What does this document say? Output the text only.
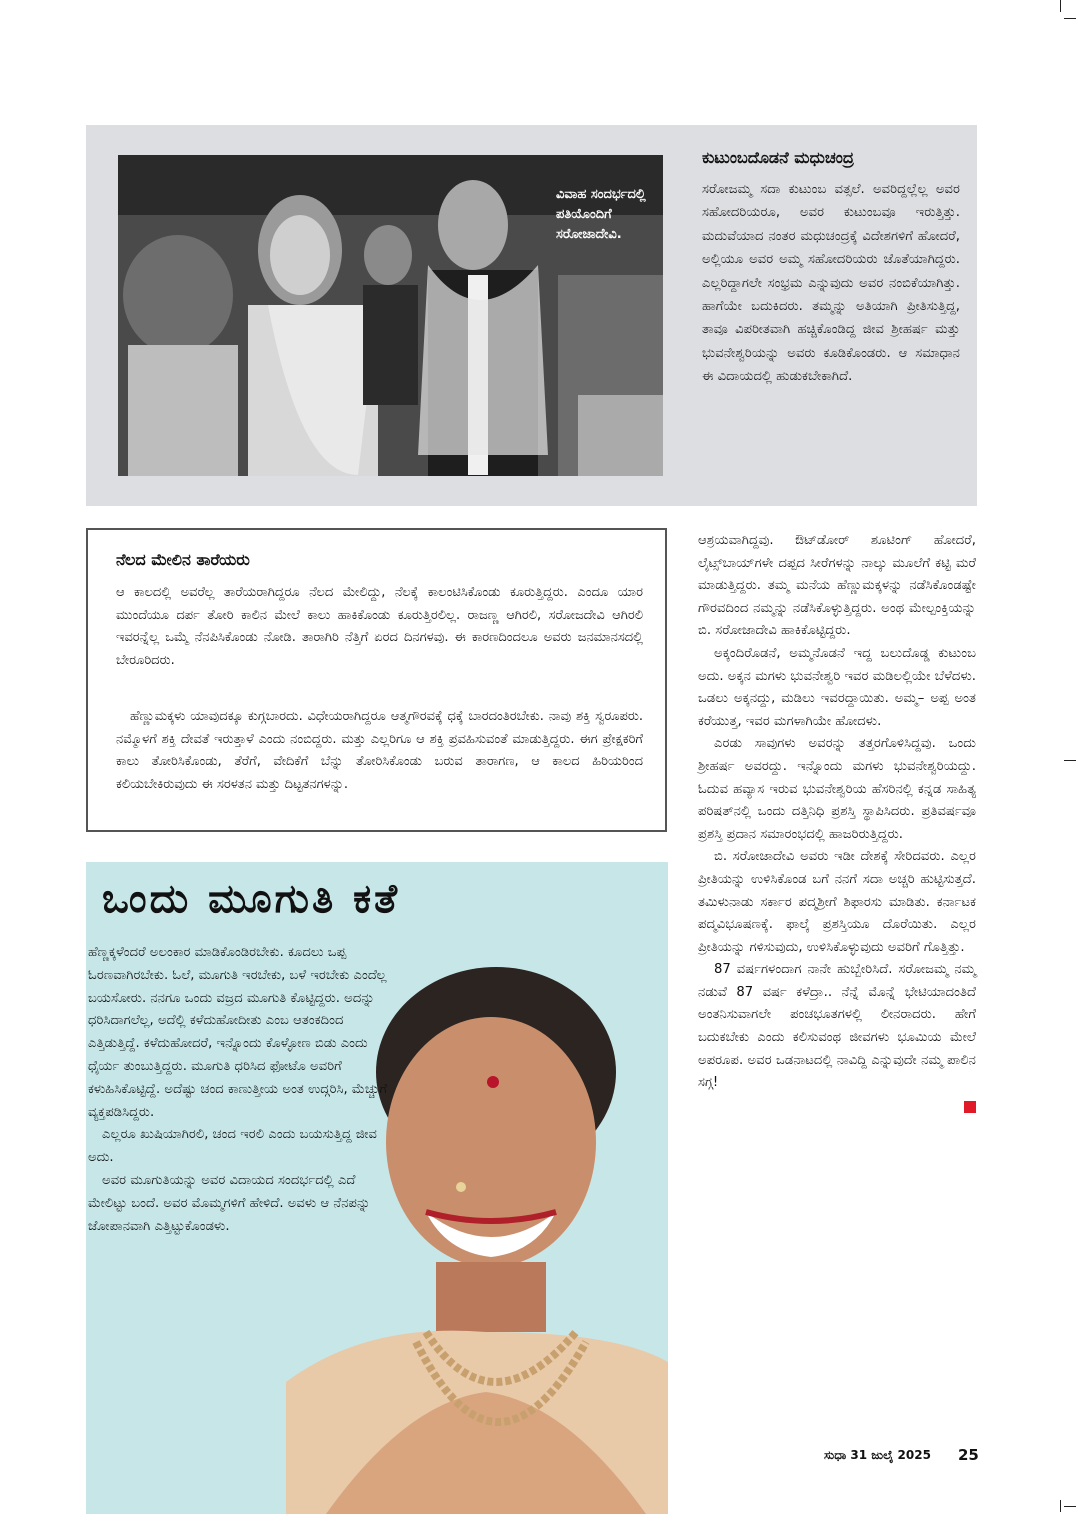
ವಿವಾಹ ಸಂದರ್ಭದಲ್ಲಿ ಪತಿಯೊಂದಿಗೆ ಸರೋಜಾದೇವಿ.
ಕುಟುಂಬದೊಡನೆ ಮಧುಚಂದ್ರ
ಸರೋಜಮ್ಮ ಸದಾ ಕುಟುಂಬ ವತ್ಸಲೆ. ಅವರಿದ್ದಲ್ಲೆಲ್ಲ ಅವರ ಸಹೋದರಿಯರೂ, ಅವರ ಕುಟುಂಬವೂ ಇರುತ್ತಿತ್ತು. ಮದುವೆಯಾದ ನಂತರ ಮಧುಚಂದ್ರಕ್ಕೆ ವಿದೇಶಗಳಿಗೆ ಹೋದರೆ, ಅಲ್ಲಿಯೂ ಅವರ ಅಮ್ಮ ಸಹೋದರಿಯರು ಜೊತೆಯಾಗಿದ್ದರು. ಎಲ್ಲರಿದ್ದಾಗಲೇ ಸಂಭ್ರಮ ಎನ್ನುವುದು ಅವರ ನಂಬಿಕೆಯಾಗಿತ್ತು. ಹಾಗೆಯೇ ಬದುಕಿದರು. ತಮ್ಮನ್ನು ಅತಿಯಾಗಿ ಪ್ರೀತಿಸುತ್ತಿದ್ದ, ತಾವೂ ವಿಪರೀತವಾಗಿ ಹಚ್ಚಿಕೊಂಡಿದ್ದ ಜೀವ ಶ್ರೀಹರ್ಷ ಮತ್ತು ಭುವನೇಶ್ವರಿಯನ್ನು ಅವರು ಕೂಡಿಕೊಂಡರು. ಆ ಸಮಾಧಾನ ಈ ವಿದಾಯದಲ್ಲಿ ಹುಡುಕಬೇಕಾಗಿದೆ.
ನೆಲದ ಮೇಲಿನ ತಾರೆಯರು
ಆ ಕಾಲದಲ್ಲಿ ಅವರೆಲ್ಲ ತಾರೆಯರಾಗಿದ್ದರೂ ನೆಲದ ಮೇಲಿದ್ದು, ನೆಲಕ್ಕೆ ಕಾಲಂಟಿಸಿಕೊಂಡು ಕೂರುತ್ತಿದ್ದರು. ಎಂದೂ ಯಾರ ಮುಂದೆಯೂ ದರ್ಪ ತೋರಿ ಕಾಲಿನ ಮೇಲೆ ಕಾಲು ಹಾಕಿಕೊಂಡು ಕೂರುತ್ತಿರಲಿಲ್ಲ. ರಾಜಣ್ಣ ಆಗಿರಲಿ, ಸರೋಜದೇವಿ ಆಗಿರಲಿ ಇವರನ್ನೆಲ್ಲ ಒಮ್ಮೆ ನೆನಪಿಸಿಕೊಂಡು ನೋಡಿ. ತಾರಾಗಿರಿ ನೆತ್ತಿಗೆ ಏರದ ದಿನಗಳವು. ಈ ಕಾರಣದಿಂದಲೂ ಅವರು ಜನಮಾನಸದಲ್ಲಿ ಬೇರೂರಿದರು.
ಹೆಣ್ಣುಮಕ್ಕಳು ಯಾವುದಕ್ಕೂ ಕುಗ್ಗಬಾರದು. ವಿಧೇಯರಾಗಿದ್ದರೂ ಆತ್ಮಗೌರವಕ್ಕೆ ಧಕ್ಕೆ ಬಾರದಂತಿರಬೇಕು. ನಾವು ಶಕ್ತಿ ಸ್ವರೂಪರು. ನಮ್ಮೊಳಗೆ ಶಕ್ತಿ ದೇವತೆ ಇರುತ್ತಾಳೆ ಎಂದು ನಂಬಿದ್ದರು. ಮತ್ತು ಎಲ್ಲರಿಗೂ ಆ ಶಕ್ತಿ ಪ್ರವಹಿಸುವಂತೆ ಮಾಡುತ್ತಿದ್ದರು. ಈಗ ಪ್ರೇಕ್ಷಕರಿಗೆ ಕಾಲು ತೋರಿಸಿಕೊಂಡು, ತೆರೆಗೆ, ವೇದಿಕೆಗೆ ಬೆನ್ನು ತೋರಿಸಿಕೊಂಡು ಬರುವ ತಾರಾಗಣ, ಆ ಕಾಲದ ಹಿರಿಯರಿಂದ ಕಲಿಯಬೇಕಿರುವುದು ಈ ಸರಳತನ ಮತ್ತು ದಿಟ್ಟತನಗಳನ್ನು.

ಆಶ್ರಯವಾಗಿದ್ದವು. ಔಟ್‌ಡೋರ್ ಶೂಟಿಂಗ್ ಹೋದರೆ, ಲೈಟ್ಸ್‌ಬಾಯ್‌ಗಳೇ ದಪ್ಪದ ಸೀರೆಗಳನ್ನು ನಾಲ್ಕು ಮೂಲೆಗೆ ಕಟ್ಟಿ ಮರೆ ಮಾಡುತ್ತಿದ್ದರು. ತಮ್ಮ ಮನೆಯ ಹೆಣ್ಣುಮಕ್ಕಳನ್ನು ನಡೆಸಿಕೊಂಡಷ್ಟೇ ಗೌರವದಿಂದ ನಮ್ಮನ್ನು ನಡೆಸಿಕೊಳ್ಳುತ್ತಿದ್ದರು. ಅಂಥ ಮೇಲ್ಪಂಕ್ತಿಯನ್ನು ಬಿ. ಸರೋಜಾದೇವಿ ಹಾಕಿಕೊಟ್ಟಿದ್ದರು.

ಅಕ್ಕಂದಿರೊಡನೆ, ಅಮ್ಮನೊಡನೆ ಇದ್ದ ಬಲುದೊಡ್ಡ ಕುಟುಂಬ ಅದು. ಅಕ್ಕನ ಮಗಳು ಭುವನೇಶ್ವರಿ ಇವರ ಮಡಿಲಲ್ಲಿಯೇ ಬೆಳೆದಳು. ಒಡಲು ಅಕ್ಕನದ್ದು, ಮಡಿಲು ಇವರದ್ದಾಯಿತು. ಅಮ್ಮ– ಅಪ್ಪ ಅಂತ ಕರೆಯುತ್ತ, ಇವರ ಮಗಳಾಗಿಯೇ ಹೋದಳು.

ಎರಡು ಸಾವುಗಳು ಅವರನ್ನು ತತ್ತರಗೊಳಿಸಿದ್ದವು. ಒಂದು ಶ್ರೀಹರ್ಷ ಅವರದ್ದು. ಇನ್ನೊಂದು ಮಗಳು ಭುವನೇಶ್ವರಿಯದ್ದು. ಓದುವ ಹವ್ಯಾಸ ಇರುವ ಭುವನೇಶ್ವರಿಯ ಹೆಸರಿನಲ್ಲಿ ಕನ್ನಡ ಸಾಹಿತ್ಯ ಪರಿಷತ್‌ನಲ್ಲಿ ಒಂದು ದತ್ತಿನಿಧಿ ಪ್ರಶಸ್ತಿ ಸ್ಥಾಪಿಸಿದರು. ಪ್ರತಿವರ್ಷವೂ ಪ್ರಶಸ್ತಿ ಪ್ರದಾನ ಸಮಾರಂಭದಲ್ಲಿ ಹಾಜರಿರುತ್ತಿದ್ದರು.

ಬಿ. ಸರೋಜಾದೇವಿ ಅವರು ಇಡೀ ದೇಶಕ್ಕೆ ಸೇರಿದವರು. ಎಲ್ಲರ ಪ್ರೀತಿಯನ್ನು ಉಳಿಸಿಕೊಂಡ ಬಗೆ ನನಗೆ ಸದಾ ಅಚ್ಚರಿ ಹುಟ್ಟಿಸುತ್ತದೆ. ತಮಿಳುನಾಡು ಸರ್ಕಾರ ಪದ್ಮಶ್ರೀಗೆ ಶಿಫಾರಸು ಮಾಡಿತು. ಕರ್ನಾಟಕ ಪದ್ಮವಿಭೂಷಣಕ್ಕೆ. ಫಾಲ್ಕೆ ಪ್ರಶಸ್ತಿಯೂ ದೊರೆಯಿತು. ಎಲ್ಲರ ಪ್ರೀತಿಯನ್ನು ಗಳಿಸುವುದು, ಉಳಿಸಿಕೊಳ್ಳುವುದು ಅವರಿಗೆ ಗೊತ್ತಿತ್ತು.

87 ವರ್ಷಗಳಂದಾಗ ನಾನೇ ಹುಬ್ಬೇರಿಸಿದೆ. ಸರೋಜಮ್ಮ ನಮ್ಮ ನಡುವೆ 87 ವರ್ಷ ಕಳೆದ್ರಾ.. ನೆನ್ನೆ ಮೊನ್ನೆ ಭೇಟಿಯಾದಂತಿದೆ ಅಂತನಿಸುವಾಗಲೇ ಪಂಚಭೂತಗಳಲ್ಲಿ ಲೀನರಾದರು. ಹೇಗೆ ಬದುಕಬೇಕು ಎಂದು ಕಲಿಸುವಂಥ ಜೀವಗಳು ಭೂಮಿಯ ಮೇಲೆ ಅಪರೂಪ. ಅವರ ಒಡನಾಟದಲ್ಲಿ ನಾವಿದ್ದಿ ಎನ್ನುವುದೇ ನಮ್ಮ ಪಾಲಿನ ಸಗ್ಗ!

ಒಂದು ಮೂಗುತಿ ಕತೆ

ಹೆಣ್ಣಕ್ಕಳೆಂದರೆ ಅಲಂಕಾರ ಮಾಡಿಕೊಂಡಿರಬೇಕು. ಕೂದಲು ಒಪ್ಪ ಓರಣವಾಗಿರಬೇಕು. ಓಲೆ, ಮೂಗುತಿ ಇರಬೇಕು, ಬಳೆ ಇರಬೇಕು ಎಂದೆಲ್ಲ ಬಯಸೋರು. ನನಗೂ ಒಂದು ವಜ್ರದ ಮೂಗುತಿ ಕೊಟ್ಟಿದ್ದರು. ಅದನ್ನು ಧರಿಸಿದಾಗಲೆಲ್ಲ, ಅದೆಲ್ಲಿ ಕಳೆದುಹೋದೀತು ಎಂಬ ಆತಂಕದಿಂದ ಎತ್ತಿಡುತ್ತಿದ್ದೆ. ಕಳೆದುಹೋದರೆ, ಇನ್ನೊಂದು ಕೊಳ್ಳೋಣ ಬಿಡು ಎಂದು ಧೈರ್ಯ ತುಂಬುತ್ತಿದ್ದರು. ಮೂಗುತಿ ಧರಿಸಿದ ಫೋಟೊ ಅವರಿಗೆ ಕಳುಹಿಸಿಕೊಟ್ಟಿದ್ದೆ. ಅದೆಷ್ಟು ಚಂದ ಕಾಣುತ್ತೀಯ ಅಂತ ಉದ್ಗರಿಸಿ, ಮೆಚ್ಚುಗೆ ವ್ಯಕ್ತಪಡಿಸಿದ್ದರು.

ಎಲ್ಲರೂ ಖುಷಿಯಾಗಿರಲಿ, ಚಂದ ಇರಲಿ ಎಂದು ಬಯಸುತ್ತಿದ್ದ ಜೀವ ಅದು.

ಅವರ ಮೂಗುತಿಯನ್ನು ಅವರ ವಿದಾಯದ ಸಂದರ್ಭದಲ್ಲಿ ಎದೆ ಮೇಲಿಟ್ಟು ಬಂದೆ. ಅವರ ಮೊಮ್ಮಗಳಿಗೆ ಹೇಳಿದೆ. ಅವಳು ಆ ನೆನಪನ್ನು ಜೋಪಾನವಾಗಿ ಎತ್ತಿಟ್ಟುಕೊಂಡಳು.

ಸುಧಾ 31 ಜುಲೈ 2025 25
